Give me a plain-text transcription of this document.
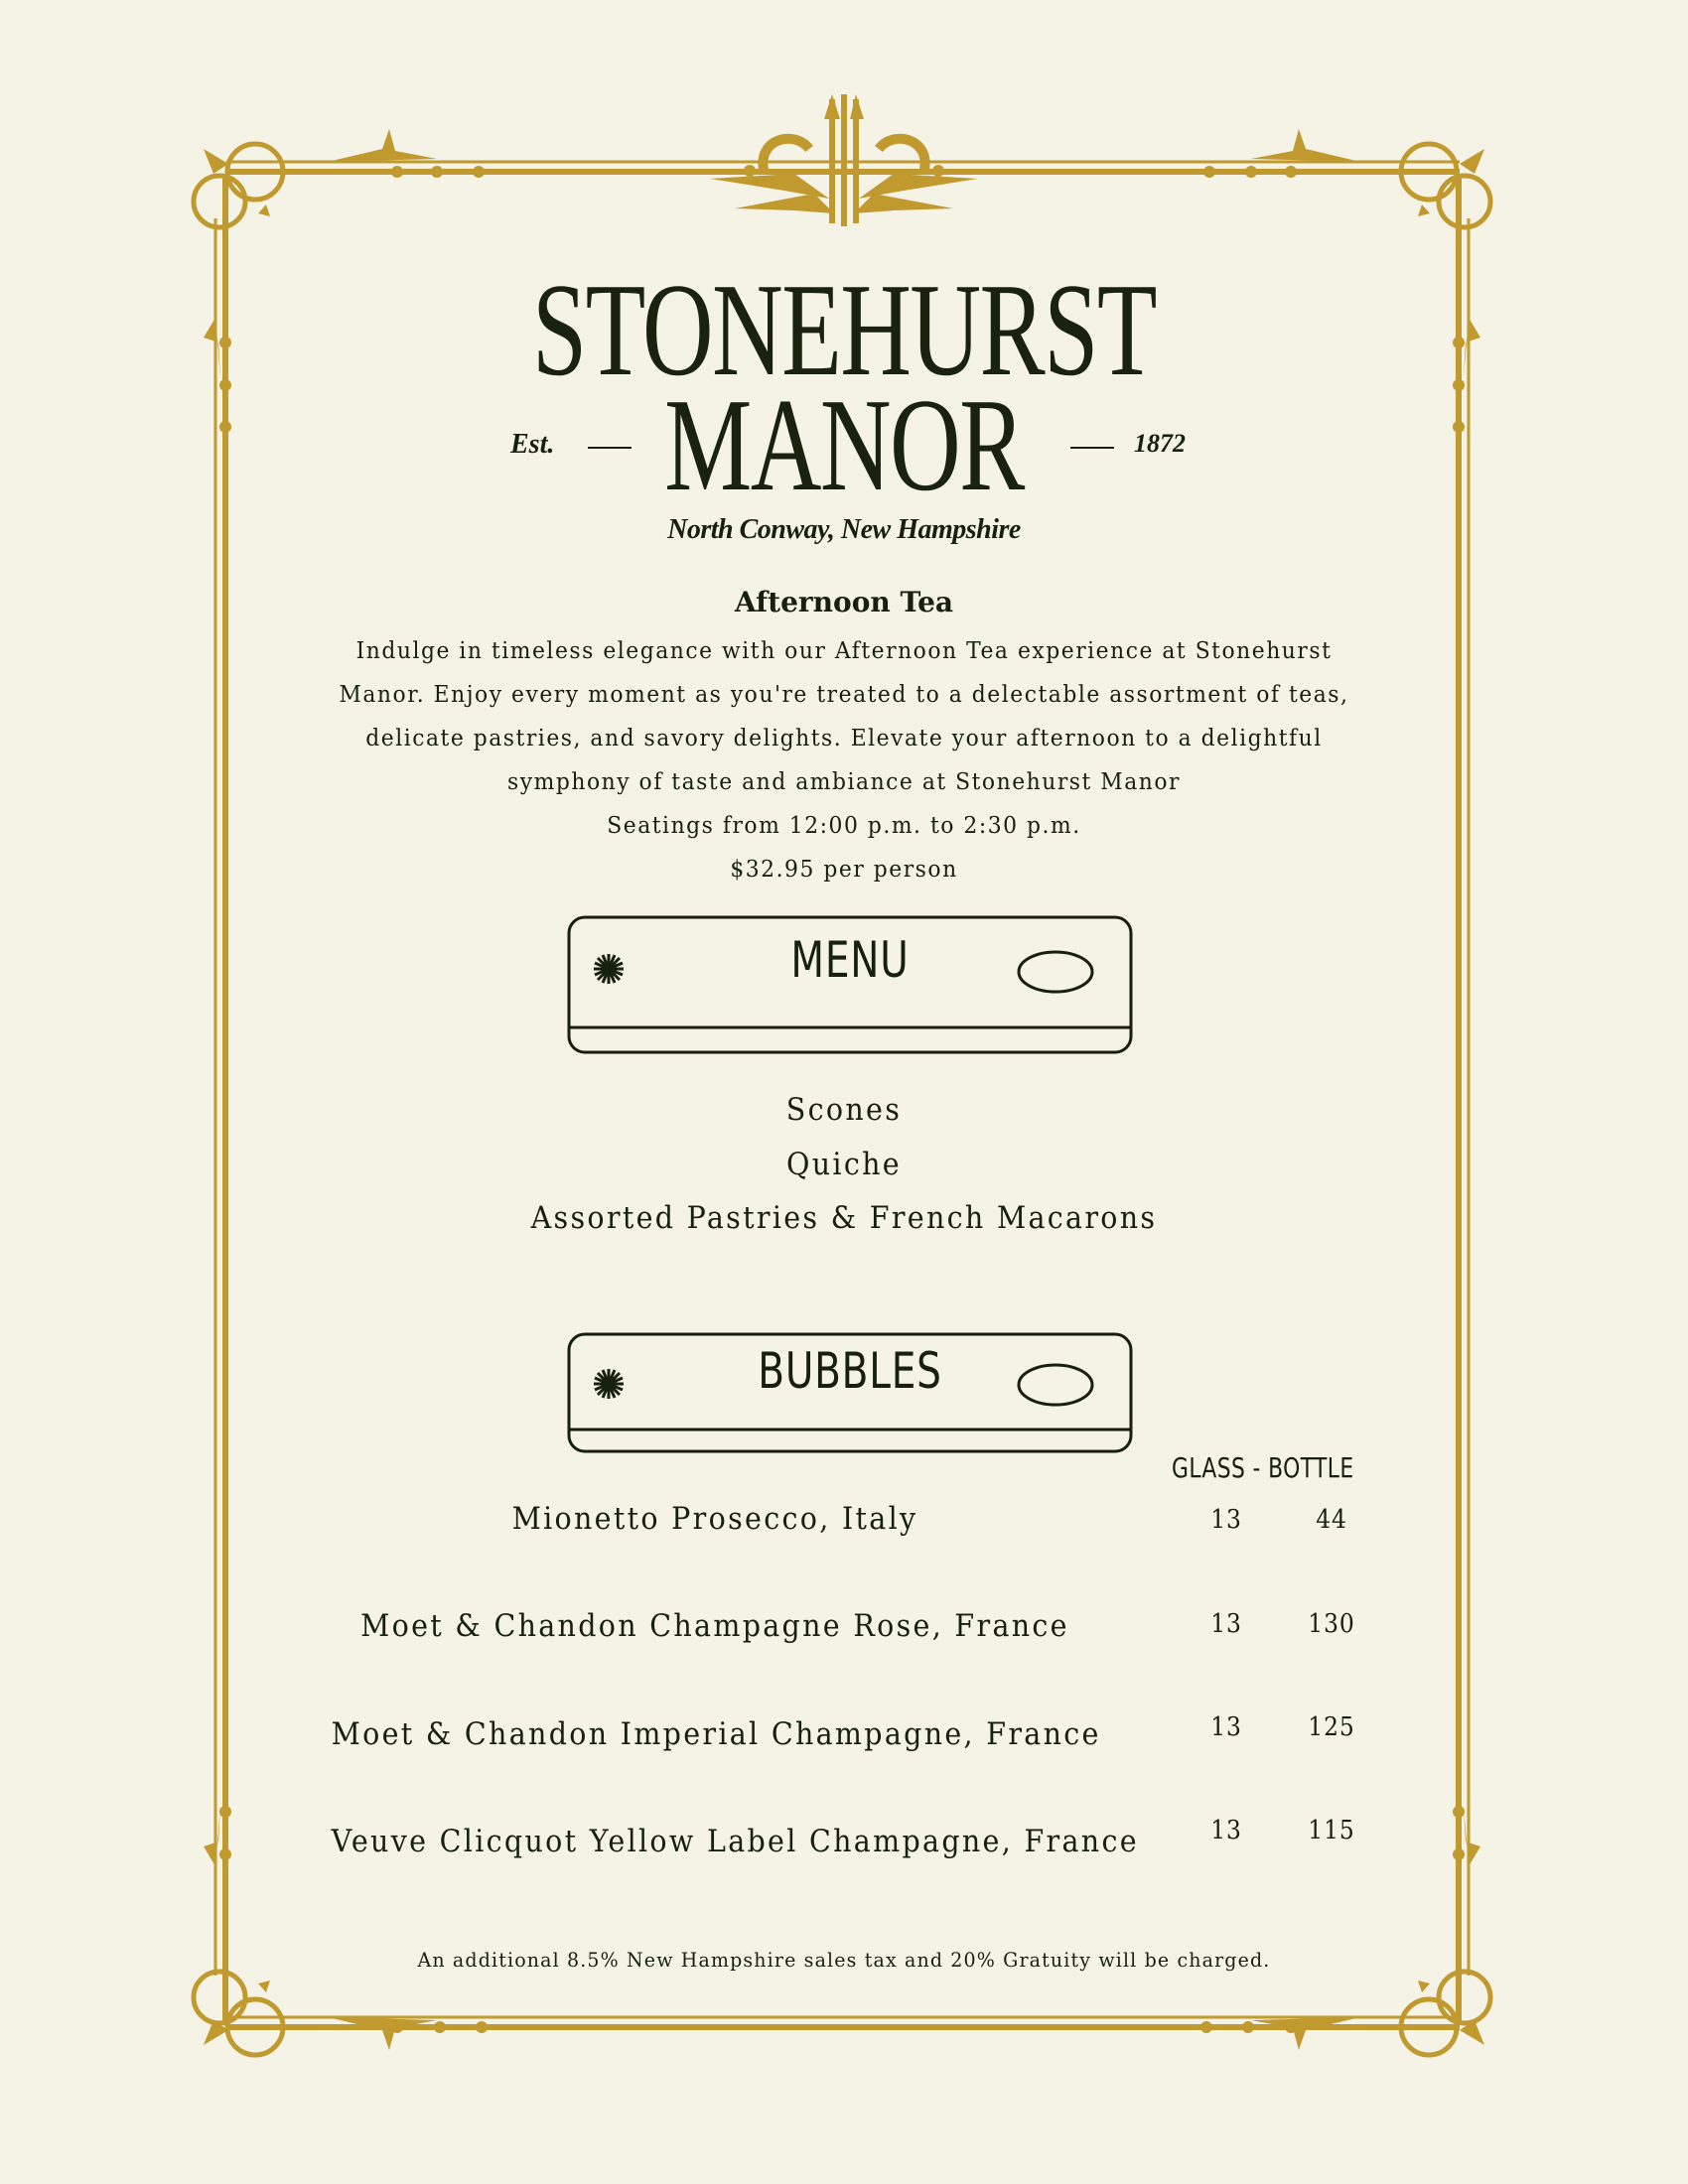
STONEHURST
MANOR
Est.	1872
North Conway, New Hampshire
Afternoon Tea

Indulge in timeless elegance with our Afternoon Tea experience at Stonehurst

Manor. Enjoy every moment as you're treated to a delectable assortment of teas,

delicate pastries, and savory delights. Elevate your afternoon to a delightful

symphony of taste and ambiance at Stonehurst Manor

Seatings from 12:00 p.m. to 2:30 p.m.

$32.95 per person

MENU
Scones
Quiche
Assorted Pastries & French Macarons
BUBBLES
GLASS - BOTTLE
Mionetto Prosecco, Italy	13	44
Moet & Chandon Champagne Rose, France	13	130
Moet & Chandon Imperial Champagne, France	13	125
Veuve Clicquot Yellow Label Champagne, France	13	115
An additional 8.5% New Hampshire sales tax and 20% Gratuity will be charged.
